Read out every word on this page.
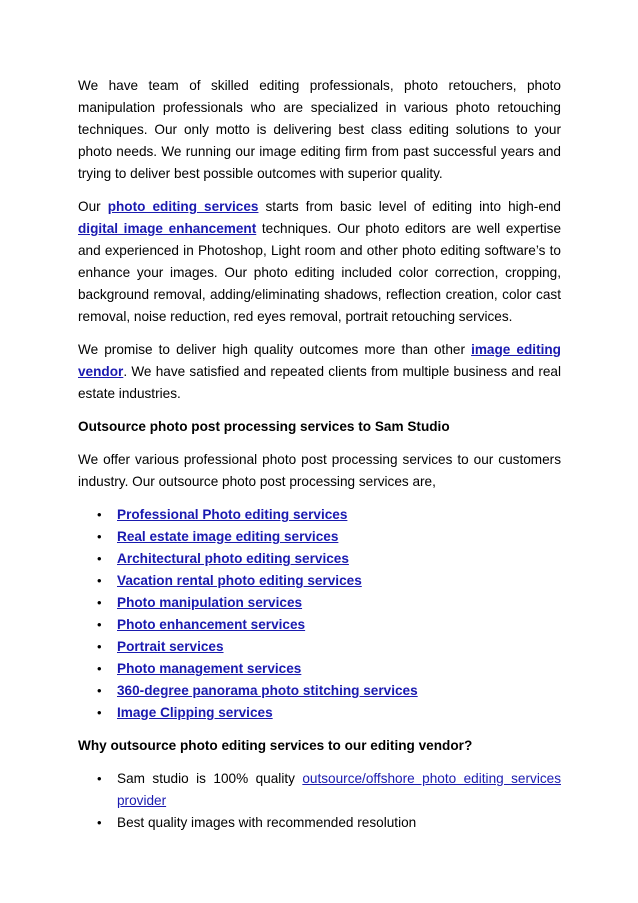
We have team of skilled editing professionals, photo retouchers, photo manipulation professionals who are specialized in various photo retouching techniques. Our only motto is delivering best class editing solutions to your photo needs. We running our image editing firm from past successful years and trying to deliver best possible outcomes with superior quality.

Our photo editing services starts from basic level of editing into high-end digital image enhancement techniques. Our photo editors are well expertise and experienced in Photoshop, Light room and other photo editing software’s to enhance your images. Our photo editing included color correction, cropping, background removal, adding/eliminating shadows, reflection creation, color cast removal, noise reduction, red eyes removal, portrait retouching services.

We promise to deliver high quality outcomes more than other image editing vendor. We have satisfied and repeated clients from multiple business and real estate industries.

Outsource photo post processing services to Sam Studio

We offer various professional photo post processing services to our customers industry. Our outsource photo post processing services are,

• Professional Photo editing services
• Real estate image editing services
• Architectural photo editing services
• Vacation rental photo editing services
• Photo manipulation services
• Photo enhancement services
• Portrait services
• Photo management services
• 360-degree panorama photo stitching services
• Image Clipping services

Why outsource photo editing services to our editing vendor?

• Sam studio is 100% quality outsource/offshore photo editing services provider
• Best quality images with recommended resolution
